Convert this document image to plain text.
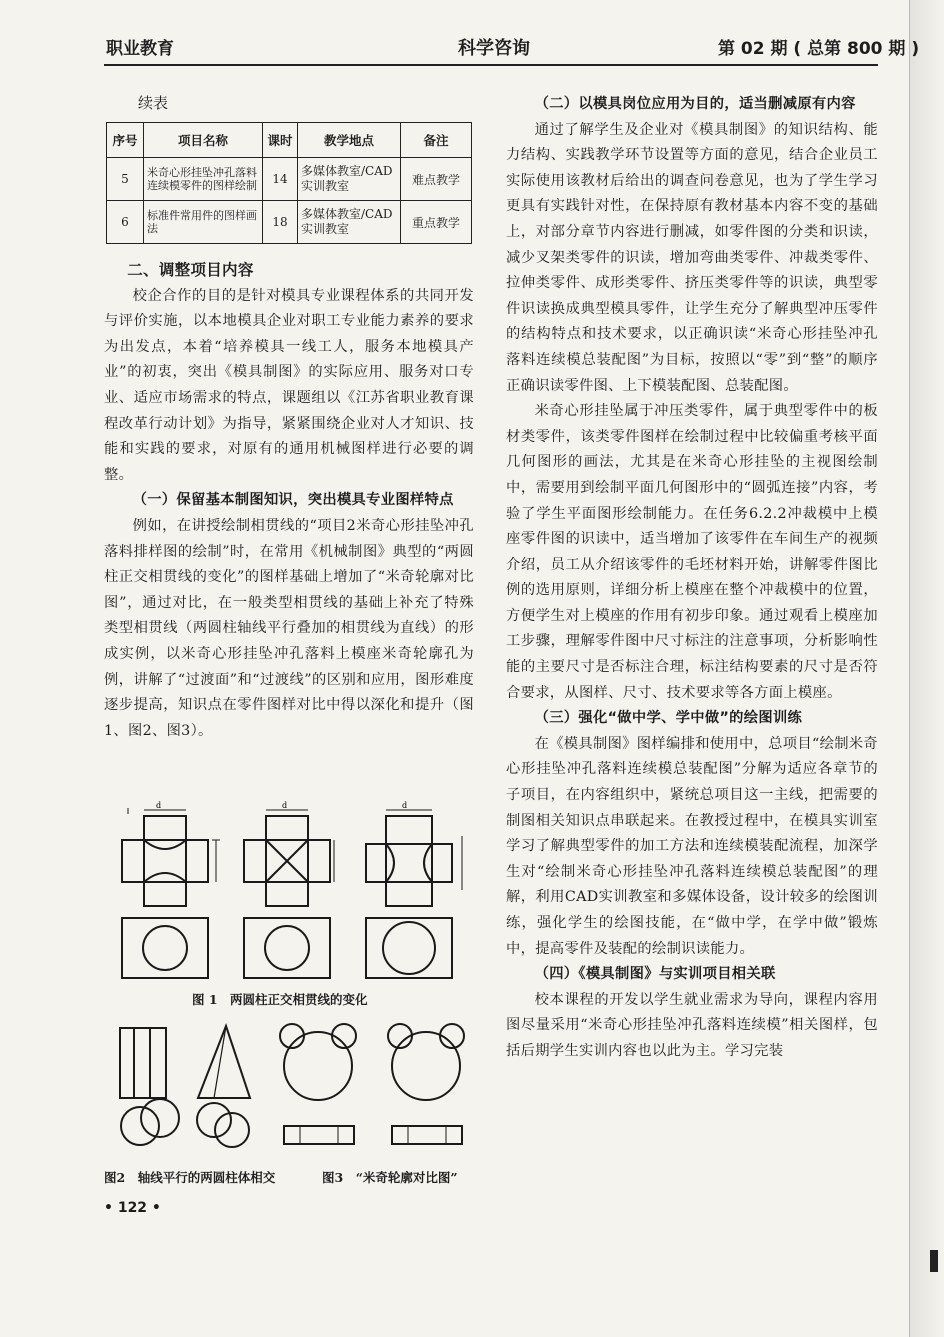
职业教育	科学咨询	第 02 期 ( 总第 800 期 )
续表
序号	项目名称	课时	教学地点	备注
5	米奇心形挂坠冲孔落料连续模零件的图样绘制	14	多媒体教室/CAD实训教室	难点教学
6	标准件常用件的图样画法	18	多媒体教室/CAD实训教室	重点教学

二、调整项目内容

校企合作的目的是针对模具专业课程体系的共同开发与评价实施，以本地模具企业对职工专业能力素养的要求为出发点，本着“培养模具一线工人，服务本地模具产业”的初衷，突出《模具制图》的实际应用、服务对口专业、适应市场需求的特点，课题组以《江苏省职业教育课程改革行动计划》为指导，紧紧围绕企业对人才知识、技能和实践的要求，对原有的通用机械图样进行必要的调整。

（一）保留基本制图知识，突出模具专业图样特点

例如，在讲授绘制相贯线的“项目2米奇心形挂坠冲孔落料排样图的绘制”时，在常用《机械制图》典型的“两圆柱正交相贯线的变化”的图样基础上增加了“米奇轮廓对比图”，通过对比，在一般类型相贯线的基础上补充了特殊类型相贯线（两圆柱轴线平行叠加的相贯线为直线）的形成实例，以米奇心形挂坠冲孔落料上模座米奇轮廓孔为例，讲解了“过渡面”和“过渡线”的区别和应用，图形难度逐步提高，知识点在零件图样对比中得以深化和提升（图1、图2、图3）。

d	d	d
图 1　两圆柱正交相贯线的变化
图2　轴线平行的两圆柱体相交	图3　“米奇轮廓对比图”
• 122 •

（二）以模具岗位应用为目的，适当删减原有内容

通过了解学生及企业对《模具制图》的知识结构、能力结构、实践教学环节设置等方面的意见，结合企业员工实际使用该教材后给出的调查问卷意见，也为了学生学习更具有实践针对性，在保持原有教材基本内容不变的基础上，对部分章节内容进行删减，如零件图的分类和识读，减少叉架类零件的识读，增加弯曲类零件、冲裁类零件、拉伸类零件、成形类零件、挤压类零件等的识读，典型零件识读换成典型模具零件，让学生充分了解典型冲压零件的结构特点和技术要求，以正确识读“米奇心形挂坠冲孔落料连续模总装配图”为目标，按照以“零”到“整”的顺序正确识读零件图、上下模装配图、总装配图。

米奇心形挂坠属于冲压类零件，属于典型零件中的板材类零件，该类零件图样在绘制过程中比较偏重考核平面几何图形的画法，尤其是在米奇心形挂坠的主视图绘制中，需要用到绘制平面几何图形中的“圆弧连接”内容，考验了学生平面图形绘制能力。在任务6.2.2冲裁模中上模座零件图的识读中，适当增加了该零件在车间生产的视频介绍，员工从介绍该零件的毛坯材料开始，讲解零件图比例的选用原则，详细分析上模座在整个冲裁模中的位置，方便学生对上模座的作用有初步印象。通过观看上模座加工步骤，理解零件图中尺寸标注的注意事项，分析影响性能的主要尺寸是否标注合理，标注结构要素的尺寸是否符合要求，从图样、尺寸、技术要求等各方面上模座。

（三）强化“做中学、学中做”的绘图训练

在《模具制图》图样编排和使用中，总项目“绘制米奇心形挂坠冲孔落料连续模总装配图”分解为适应各章节的子项目，在内容组织中，紧统总项目这一主线，把需要的制图相关知识点串联起来。在教授过程中，在模具实训室学习了解典型零件的加工方法和连续模装配流程，加深学生对“绘制米奇心形挂坠冲孔落料连续模总装配图”的理解，利用CAD实训教室和多媒体设备，设计较多的绘图训练，强化学生的绘图技能，在“做中学，在学中做”锻炼中，提高零件及装配的绘制识读能力。

（四）《模具制图》与实训项目相关联

校本课程的开发以学生就业需求为导向，课程内容用图尽量采用“米奇心形挂坠冲孔落料连续模”相关图样，包括后期学生实训内容也以此为主。学习完装
